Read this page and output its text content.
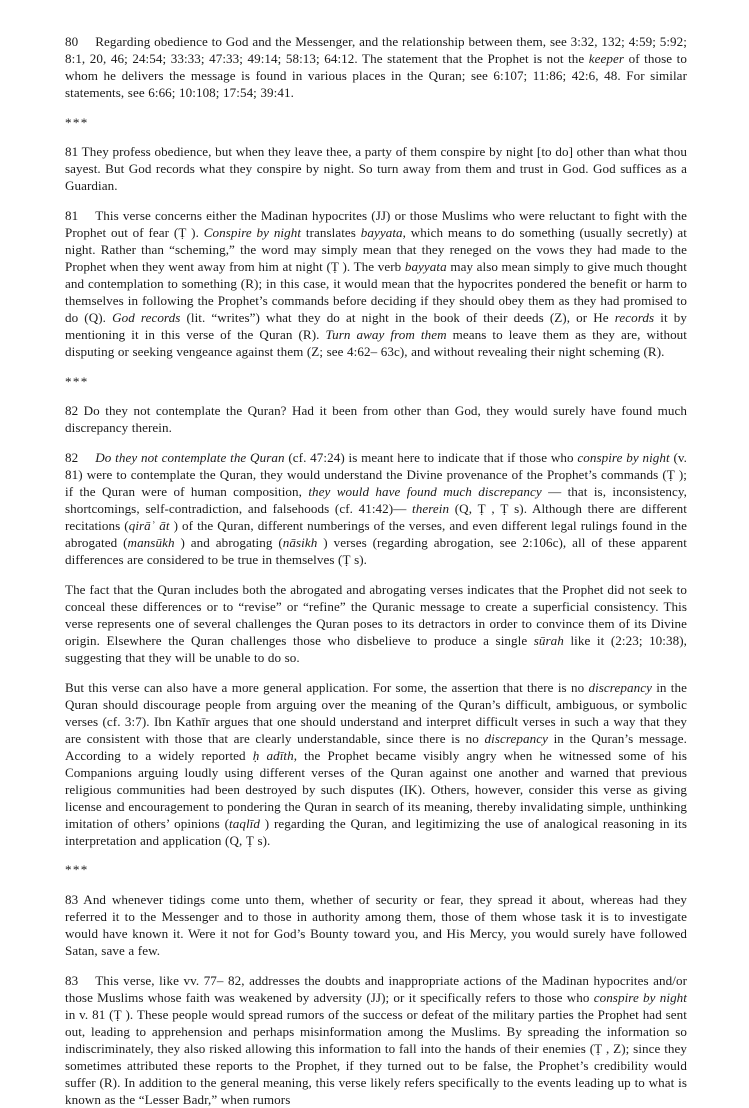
80 Regarding obedience to God and the Messenger, and the relationship between them, see 3:32, 132; 4:59; 5:92; 8:1, 20, 46; 24:54; 33:33; 47:33; 49:14; 58:13; 64:12. The statement that the Prophet is not the keeper of those to whom he delivers the message is found in various places in the Quran; see 6:107; 11:86; 42:6, 48. For similar statements, see 6:66; 10:108; 17:54; 39:41.

***

81 They profess obedience, but when they leave thee, a party of them conspire by night [to do] other than what thou sayest. But God records what they conspire by night. So turn away from them and trust in God. God suffices as a Guardian.

81 This verse concerns either the Madinan hypocrites (JJ) or those Muslims who were reluctant to fight with the Prophet out of fear (Ṭ ). Conspire by night translates bayyata, which means to do something (usually secretly) at night. Rather than “scheming,” the word may simply mean that they reneged on the vows they had made to the Prophet when they went away from him at night (Ṭ ). The verb bayyata may also mean simply to give much thought and contemplation to something (R); in this case, it would mean that the hypocrites pondered the benefit or harm to themselves in following the Prophet’s commands before deciding if they should obey them as they had promised to do (Q). God records (lit. “writes”) what they do at night in the book of their deeds (Z), or He records it by mentioning it in this verse of the Quran (R). Turn away from them means to leave them as they are, without disputing or seeking vengeance against them (Z; see 4:62– 63c), and without revealing their night scheming (R).

***

82 Do they not contemplate the Quran? Had it been from other than God, they would surely have found much discrepancy therein.

82 Do they not contemplate the Quran (cf. 47:24) is meant here to indicate that if those who conspire by night (v. 81) were to contemplate the Quran, they would understand the Divine provenance of the Prophet’s commands (Ṭ ); if the Quran were of human composition, they would have found much discrepancy — that is, inconsistency, shortcomings, self-contradiction, and falsehoods (cf. 41:42)— therein (Q, Ṭ , Ṭ s). Although there are different recitations (qirāʾ āt ) of the Quran, different numberings of the verses, and even different legal rulings found in the abrogated (mansūkh ) and abrogating (nāsikh ) verses (regarding abrogation, see 2:106c), all of these apparent differences are considered to be true in themselves (Ṭ s).

The fact that the Quran includes both the abrogated and abrogating verses indicates that the Prophet did not seek to conceal these differences or to “revise” or “refine” the Quranic message to create a superficial consistency. This verse represents one of several challenges the Quran poses to its detractors in order to convince them of its Divine origin. Elsewhere the Quran challenges those who disbelieve to produce a single sūrah like it (2:23; 10:38), suggesting that they will be unable to do so.

But this verse can also have a more general application. For some, the assertion that there is no discrepancy in the Quran should discourage people from arguing over the meaning of the Quran’s difficult, ambiguous, or symbolic verses (cf. 3:7). Ibn Kathīr argues that one should understand and interpret difficult verses in such a way that they are consistent with those that are clearly understandable, since there is no discrepancy in the Quran’s message. According to a widely reported ḥ adīth, the Prophet became visibly angry when he witnessed some of his Companions arguing loudly using different verses of the Quran against one another and warned that previous religious communities had been destroyed by such disputes (IK). Others, however, consider this verse as giving license and encouragement to pondering the Quran in search of its meaning, thereby invalidating simple, unthinking imitation of others’ opinions (taqlīd ) regarding the Quran, and legitimizing the use of analogical reasoning in its interpretation and application (Q, Ṭ s).

***

83 And whenever tidings come unto them, whether of security or fear, they spread it about, whereas had they referred it to the Messenger and to those in authority among them, those of them whose task it is to investigate would have known it. Were it not for God’s Bounty toward you, and His Mercy, you would surely have followed Satan, save a few.

83 This verse, like vv. 77– 82, addresses the doubts and inappropriate actions of the Madinan hypocrites and/or those Muslims whose faith was weakened by adversity (JJ); or it specifically refers to those who conspire by night in v. 81 (Ṭ ). These people would spread rumors of the success or defeat of the military parties the Prophet had sent out, leading to apprehension and perhaps misinformation among the Muslims. By spreading the information so indiscriminately, they also risked allowing this information to fall into the hands of their enemies (Ṭ , Z); since they sometimes attributed these reports to the Prophet, if they turned out to be false, the Prophet’s credibility would suffer (R). In addition to the general meaning, this verse likely refers specifically to the events leading up to what is known as the “Lesser Badr,” when rumors
